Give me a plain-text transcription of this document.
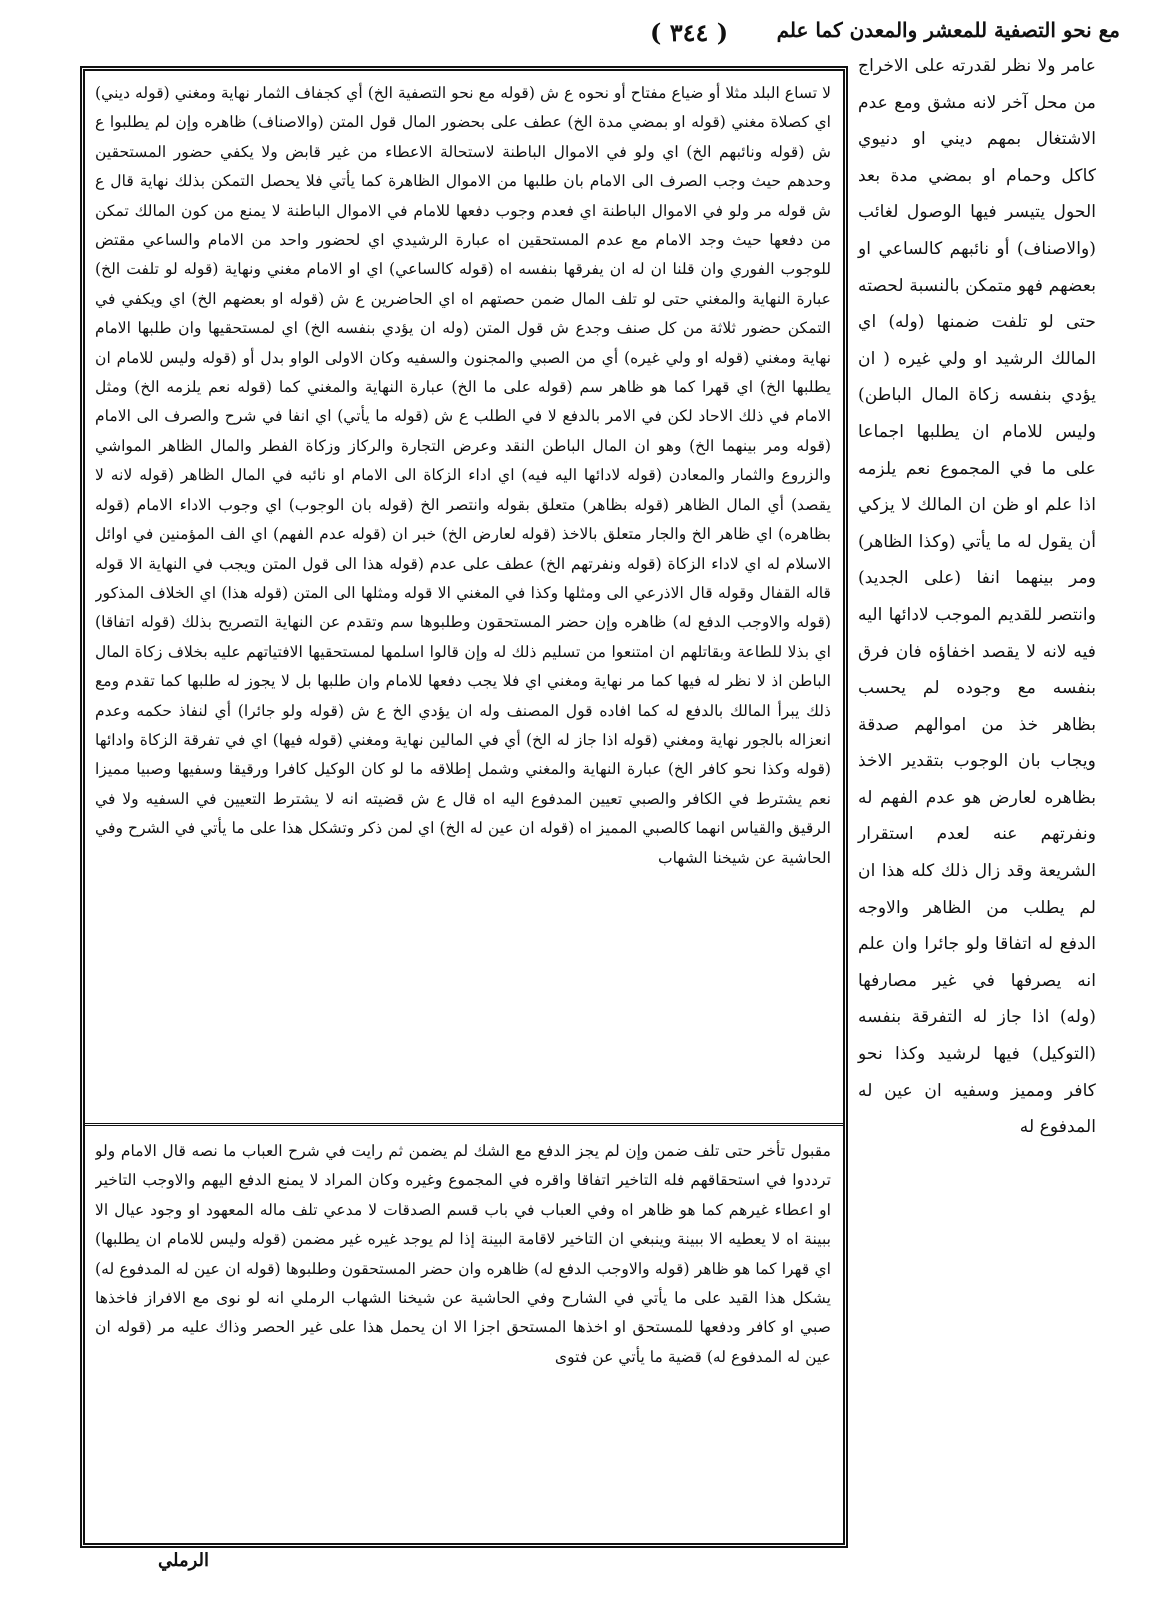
مع نحو التصفية للمعشر والمعدن كما علم
( ٣٤٤ )

عامر ولا نظر لقدرته على الاخراج من محل آخر لانه مشق ومع عدم الاشتغال بمهم ديني او دنيوي كاكل وحمام او بمضي مدة بعد الحول يتيسر فيها الوصول لغائب (والاصناف) أو نائبهم كالساعي او بعضهم فهو متمكن بالنسبة لحصته حتى لو تلفت ضمنها (وله) اي المالك الرشيد او ولي غيره ( ان يؤدي بنفسه زكاة المال الباطن) وليس للامام ان يطلبها اجماعا على ما في المجموع نعم يلزمه اذا علم او ظن ان المالك لا يزكي أن يقول له ما يأتي (وكذا الظاهر) ومر بينهما انفا (على الجديد) وانتصر للقديم الموجب لادائها اليه فيه لانه لا يقصد اخفاؤه فان فرق بنفسه مع وجوده لم يحسب بظاهر خذ من اموالهم صدقة ويجاب بان الوجوب بتقدير الاخذ بظاهره لعارض هو عدم الفهم له ونفرتهم عنه لعدم استقرار الشريعة وقد زال ذلك كله هذا ان لم يطلب من الظاهر والاوجه الدفع له اتفاقا ولو جائرا وان علم انه يصرفها في غير مصارفها (وله) اذا جاز له التفرقة بنفسه (التوكيل) فيها لرشيد وكذا نحو كافر ومميز وسفيه ان عين له المدفوع له

لا تساع البلد مثلا أو ضياع مفتاح أو نحوه ع ش (قوله مع نحو التصفية الخ) أي كجفاف الثمار نهاية ومغني (قوله ديني) اي كصلاة مغني (قوله او بمضي مدة الخ) عطف على بحضور المال قول المتن (والاصناف) ظاهره وإن لم يطلبوا ع ش (قوله ونائبهم الخ) اي ولو في الاموال الباطنة لاستحالة الاعطاء من غير قابض ولا يكفي حضور المستحقين وحدهم حيث وجب الصرف الى الامام بان طلبها من الاموال الظاهرة كما يأتي فلا يحصل التمكن بذلك نهاية قال ع ش قوله مر ولو في الاموال الباطنة اي فعدم وجوب دفعها للامام في الاموال الباطنة لا يمنع من كون المالك تمكن من دفعها حيث وجد الامام مع عدم المستحقين اه عبارة الرشيدي اي لحضور واحد من الامام والساعي مقتض للوجوب الفوري وان قلنا ان له ان يفرقها بنفسه اه (قوله كالساعي) اي او الامام مغني ونهاية (قوله لو تلفت الخ) عبارة النهاية والمغني حتى لو تلف المال ضمن حصتهم اه اي الحاضرين ع ش (قوله او بعضهم الخ) اي ويكفي في التمكن حضور ثلاثة من كل صنف وجدع ش قول المتن (وله ان يؤدي بنفسه الخ) اي لمستحقيها وان طلبها الامام نهاية ومغني (قوله او ولي غيره) أي من الصبي والمجنون والسفيه وكان الاولى الواو بدل أو (قوله وليس للامام ان يطلبها الخ) اي قهرا كما هو ظاهر سم (قوله على ما الخ) عبارة النهاية والمغني كما (قوله نعم يلزمه الخ) ومثل الامام في ذلك الاحاد لكن في الامر بالدفع لا في الطلب ع ش (قوله ما يأتي) اي انفا في شرح والصرف الى الامام (قوله ومر بينهما الخ) وهو ان المال الباطن النقد وعرض التجارة والركاز وزكاة الفطر والمال الظاهر المواشي والزروع والثمار والمعادن (قوله لادائها اليه فيه) اي اداء الزكاة الى الامام او نائبه في المال الظاهر (قوله لانه لا يقصد) أي المال الظاهر (قوله بظاهر) متعلق بقوله وانتصر الخ (قوله بان الوجوب) اي وجوب الاداء الامام (قوله بظاهره) اي ظاهر الخ والجار متعلق بالاخذ (قوله لعارض الخ) خبر ان (قوله عدم الفهم) اي الف المؤمنين في اوائل الاسلام له اي لاداء الزكاة (قوله ونفرتهم الخ) عطف على عدم (قوله هذا الى قول المتن ويجب في النهاية الا قوله قاله القفال وقوله قال الاذرعي الى ومثلها وكذا في المغني الا قوله ومثلها الى المتن (قوله هذا) اي الخلاف المذكور (قوله والاوجب الدفع له) ظاهره وإن حضر المستحقون وطلبوها سم وتقدم عن النهاية التصريح بذلك (قوله اتفاقا) اي بذلا للطاعة وبقاتلهم ان امتنعوا من تسليم ذلك له وإن قالوا اسلمها لمستحقيها الافتياتهم عليه بخلاف زكاة المال الباطن اذ لا نظر له فيها كما مر نهاية ومغني اي فلا يجب دفعها للامام وان طلبها بل لا يجوز له طلبها كما تقدم ومع ذلك يبرأ المالك بالدفع له كما افاده قول المصنف وله ان يؤدي الخ ع ش (قوله ولو جائرا) أي لنفاذ حكمه وعدم انعزاله بالجور نهاية ومغني (قوله اذا جاز له الخ) أي في المالين نهاية ومغني (قوله فيها) اي في تفرقة الزكاة وادائها (قوله وكذا نحو كافر الخ) عبارة النهاية والمغني وشمل إطلاقه ما لو كان الوكيل كافرا ورقيقا وسفيها وصبيا مميزا نعم يشترط في الكافر والصبي تعيين المدفوع اليه اه قال ع ش قضيته انه لا يشترط التعيين في السفيه ولا في الرقيق والقياس انهما كالصبي المميز اه (قوله ان عين له الخ) اي لمن ذكر وتشكل هذا على ما يأتي في الشرح وفي الحاشية عن شيخنا الشهاب

مقبول تأخر حتى تلف ضمن وإن لم يجز الدفع مع الشك لم يضمن ثم رايت في شرح العباب ما نصه قال الامام ولو ترددوا في استحقاقهم فله التاخير اتفاقا واقره في المجموع وغيره وكان المراد لا يمنع الدفع اليهم والاوجب التاخير او اعطاء غيرهم كما هو ظاهر اه وفي العباب في باب قسم الصدقات لا مدعي تلف ماله المعهود او وجود عيال الا ببينة اه لا يعطيه الا ببينة وينبغي ان التاخير لاقامة البينة إذا لم يوجد غيره غير مضمن (قوله وليس للامام ان يطلبها) اي قهرا كما هو ظاهر (قوله والاوجب الدفع له) ظاهره وان حضر المستحقون وطلبوها (قوله ان عين له المدفوع له) يشكل هذا القيد على ما يأتي في الشارح وفي الحاشية عن شيخنا الشهاب الرملي انه لو نوى مع الافراز فاخذها صبي او كافر ودفعها للمستحق او اخذها المستحق اجزا الا ان يحمل هذا على غير الحصر وذاك عليه مر (قوله ان عين له المدفوع له) قضية ما يأتي عن فتوى

الرملي
